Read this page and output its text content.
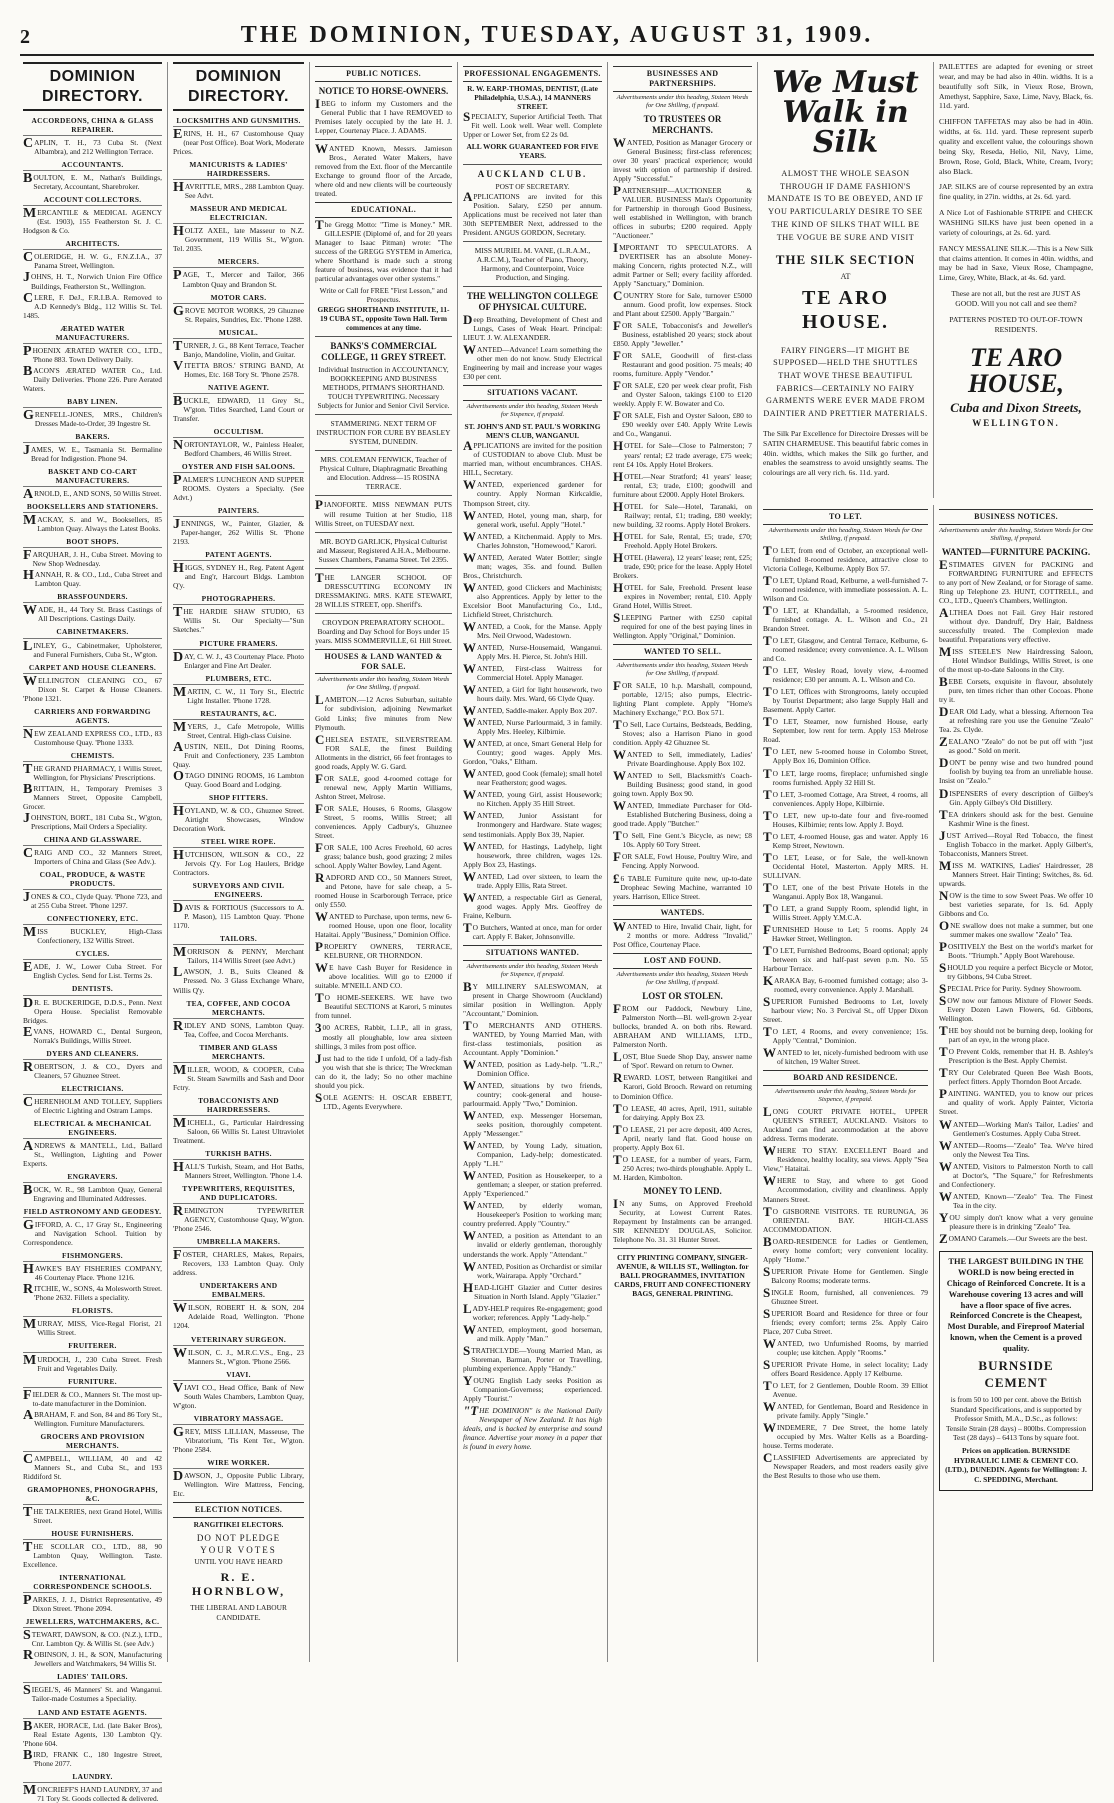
2	THE DOMINION, TUESDAY, AUGUST 31, 1909.
DOMINION DIRECTORY.
ACCORDEONS, CHINA & GLASS REPAIRER.
CAPLIN, T. H., 73 Cuba St. (Next Albambra), and 212 Wellington Terrace.
ACCOUNTANTS.
BOULTON, E. M., Nathan's Buildings, Secretary, Accountant, Sharebroker.
ACCOUNT COLLECTORS.
MERCANTILE & MEDICAL AGENCY (Est. 1903), 155 Featherston St. J. C. Hodgson & Co.
ARCHITECTS.
COLERIDGE, H. W. G., F.N.Z.I.A., 37 Panama Street, Wellington.
JOHNS, H. T., Norwich Union Fire Office Buildings, Featherston St., Wellington.
CLERE, F. DeJ., F.R.I.B.A. Removed to A.D Kennedy's Bldg., 112 Willis St. Tel. 1485.
ÆRATED WATER MANUFACTURERS.
PHOENIX ÆRATED WATER CO., LTD., 'Phone 883. Town Delivery Daily.
BACON'S ÆRATED WATER Co., Ltd. Daily Deliveries. 'Phone 226. Pure Aerated Waters.
BABY LINEN.
GRENFELL-JONES, MRS., Children's Dresses Made-to-Order, 39 Ingestre St.
BAKERS.
JAMES, W. E., Tasmania St. Bermaline Bread for Indigestion. Phone 94.
BASKET AND CO-CART MANUFACTURERS.
ARNOLD, E., AND SONS, 50 Willis Street.
BOOKSELLERS AND STATIONERS.
MACKAY, S. and W., Booksellers, 85 Lambton Quay. Always the Latest Books.
BOOT SHOPS.
FARQUHAR, J. H., Cuba Street. Moving to New Shop Wednesday.
HANNAH, R. & CO., Ltd., Cuba Street and Lambton Quay.
BRASSFOUNDERS.
WADE, H., 44 Tory St. Brass Castings of All Descriptions. Castings Daily.
CABINETMAKERS.
LINLEY, G., Cabinetmaker, Upholsterer, and Funeral Furnishers, Cuba St., W'gton.
CARPET AND HOUSE CLEANERS.
WELLINGTON CLEANING CO., 67 Dixon St. Carpet & House Cleaners. 'Phone 1321.
CARRIERS AND FORWARDING AGENTS.
NEW ZEALAND EXPRESS CO., LTD., 83 Customhouse Quay. 'Phone 1333.
CHEMISTS.
THE GRAND PHARMACY, 1 Willis Street, Wellington, for Physicians' Prescriptions.
BRITTAIN, H., Temporary Premises 3 Manners Street, Opposite Campbell, Grocer.
JOHNSTON, BORT., 181 Cuba St., W'gton, Prescriptions, Mail Orders a Speciality.
CHINA AND GLASSWARE.
CRAIG AND CO., 32 Manners Street, Importers of China and Glass (See Adv.).
COAL, PRODUCE, & WASTE PRODUCTS.
JONES & CO., Clyde Quay. 'Phone 723, and at 255 Cuba Street. 'Phone 1297.
CONFECTIONERY, ETC.
MISS BUCKLEY, High-Class Confectionery, 132 Willis Street.
CYCLES.
EADE, J. W., Lower Cuba Street. For English Cycles. Send for List. Terms 2s.
DENTISTS.
DR. E. BUCKERIDGE, D.D.S., Penn. Next Opera House. Specialist Removable Bridges.
EVANS, HOWARD C., Dental Surgeon, Norrak's Buildings, Willis Street.
DYERS AND CLEANERS.
ROBERTSON, J. & CO., Dyers and Cleaners, 57 Ghuznee Street.
ELECTRICIANS.
CHERENHOLM AND TOLLEY, Suppliers of Electric Lighting and Ostram Lamps.
ELECTRICAL & MECHANICAL ENGINEERS.
ANDREWS & MANTELL, Ltd., Ballard St., Wellington, Lighting and Power Experts.
ENGRAVERS.
BOCK, W. R., 98 Lambton Quay, General Engraving and Illuminated Addresses.
FIELD ASTRONOMY AND GEODESY.
GIFFORD, A. C., 17 Gray St., Engineering and Navigation School. Tuition by Correspondence.
FISHMONGERS.
HAWKE'S BAY FISHERIES COMPANY, 46 Courtenay Place. 'Phone 1216.
RITCHIE, W., SONS, 4a Molesworth Street. 'Phone 2632. Fillets a speciality.
FLORISTS.
MURRAY, MISS, Vice-Regal Florist, 21 Willis Street.
FRUITERER.
MURDOCH, J., 230 Cuba Street. Fresh Fruit and Vegetables Daily.
FURNITURE.
FIELDER & CO., Manners St. The most up-to-date manufacturer in the Dominion.
ABRAHAM, F. and Son, 84 and 86 Tory St., Wellington. Furniture Manufacturers.
GROCERS AND PROVISION MERCHANTS.
CAMPBELL, WILLIAM, 40 and 42 Manners St., and Cuba St., and 193 Riddiford St.
GRAMOPHONES, PHONOGRAPHS, &C.
THE TALKERIES, next Grand Hotel, Willis Street.
HOUSE FURNISHERS.
THE SCOLLAR CO., LTD., 88, 90 Lambton Quay, Wellington. Taste. Excellence.
INTERNATIONAL CORRESPONDENCE SCHOOLS.
PARKES, J. J., District Representative, 49 Dixon Street. 'Phone 2094.
JEWELLERS, WATCHMAKERS, &C.
STEWART, DAWSON, & CO. (N.Z.), LTD., Cnr. Lambton Qy. & Willis St. (see Adv.)
ROBINSON, J. H., & SON, Manufacturing Jewellers and Watchmakers, 94 Willis St.
LADIES' TAILORS.
SIEGEL'S, 46 Manners' St. and Wanganui. Tailor-made Costumes a Speciality.
LAND AND ESTATE AGENTS.
BAKER, HORACE, Ltd. (late Baker Bros), Real Estate Agents, 130 Lambton Q'y. 'Phone 604.
BIRD, FRANK C., 180 Ingestre Street, 'Phone 2077.
LAUNDRY.
MONCRIEFF'S HAND LAUNDRY, 37 and 71 Tory St. Goods collected & delivered.
DOMINION DIRECTORY.
LOCKSMITHS AND GUNSMITHS.
ERINS, H. H., 67 Customhouse Quay (near Post Office). Boat Work, Moderate Prices.
MANICURISTS & LADIES' HAIRDRESSERS.
HAVRITTLE, MRS., 288 Lambton Quay. See Advt.
MASSEUR AND MEDICAL ELECTRICIAN.
HOLTZ AXEL, late Masseur to N.Z. Government, 119 Willis St., W'gton. Tel. 2035.
MERCERS.
PAGE, T., Mercer and Tailor, 366 Lambton Quay and Brandon St.
MOTOR CARS.
GROVE MOTOR WORKS, 29 Ghuznee St. Repairs, Sundries, Etc. 'Phone 1288.
MUSICAL.
TURNER, J. G., 88 Kent Terrace, Teacher Banjo, Mandoline, Violin, and Guitar.
VITETTA BROS.' STRING BAND, At Homes, Etc. 168 Tory St. 'Phone 2578.
NATIVE AGENT.
BUCKLE, EDWARD, 11 Grey St., W'gton. Titles Searched, Land Court or Transfer.
OCCULTISM.
NORTONTAYLOR, W., Painless Healer, Bedford Chambers, 46 Willis Street.
OYSTER AND FISH SALOONS.
PALMER'S LUNCHEON AND SUPPER ROOMS. Oysters a Specialty. (See Advt.)
PAINTERS.
JENNINGS, W., Painter, Glazier, & Paper-hanger, 262 Willis St. 'Phone 2193.
PATENT AGENTS.
HIGGS, SYDNEY H., Reg. Patent Agent and Eng'r, Harcourt Bldgs. Lambton Q'y.
PHOTOGRAPHERS.
THE HARDIE SHAW STUDIO, 63 Willis St. Our Specialty—"Sun Sketches."
PICTURE FRAMERS.
DAY, C. W. J., 43 Courtenay Place. Photo Enlarger and Fine Art Dealer.
PLUMBERS, ETC.
MARTIN, C. W., 11 Tory St., Electric Light Installer. 'Phone 1728.
RESTAURANTS, &C.
MYERS, J., Cafe Metropole, Willis Street, Central. High-class Cuisine.
AUSTIN, NEIL, Dot Dining Rooms, Fruit and Confectionery, 235 Lambton Quay.
OTAGO DINING ROOMS, 16 Lambton Quay. Good Board and Lodging.
SHOP FITTERS.
HOYLAND, W. & CO., Ghuznee Street. Airtight Showcases, Window Decoration Work.
STEEL WIRE ROPE.
HUTCHISON, WILSON & CO., 22 Jervois Q'y. For Log Haulers, Bridge Contractors.
SURVEYORS AND CIVIL ENGINEERS.
DAVIS & FORTIOUS (Successors to A. P. Mason), 115 Lambton Quay. 'Phone 1170.
TAILORS.
MORRISON & PENNY, Merchant Tailors, 114 Willis Street (see Advt.)
LAWSON, J. B., Suits Cleaned & Pressed. No. 3 Glass Exchange Whare, Willis Q'y.
TEA, COFFEE, AND COCOA MERCHANTS.
RIDLEY AND SONS, Lambton Quay. Tea, Coffee, and Cocoa Merchants.
TIMBER AND GLASS MERCHANTS.
MILLER, WOOD, & COOPER, Cuba St. Steam Sawmills and Sash and Door Fctry.
TOBACCONISTS AND HAIRDRESSERS.
MICHELL, G., Particular Hairdressing Saloon, 66 Willis St. Latest Ultraviolet Treatment.
TURKISH BATHS.
HALL'S Turkish, Steam, and Hot Baths, Manners Street, Wellington. 'Phone 1.4.
TYPEWRITERS, REQUISITES, AND DUPLICATORS.
REMINGTON TYPEWRITER AGENCY, Customhouse Quay, W'gton. 'Phone 2546.
UMBRELLA MAKERS.
FOSTER, CHARLES, Makes, Repairs, Recovers, 133 Lambton Quay. Only address.
UNDERTAKERS AND EMBALMERS.
WILSON, ROBERT H. & SON, 204 Adelaide Road, Wellington. 'Phone 1204.
VETERINARY SURGEON.
WILSON, C. J., M.R.C.V.S., Eng., 23 Manners St., W'gton. 'Phone 2566.
VIAVI.
VIAVI CO., Head Office, Bank of New South Wales Chambers, Lambton Quay, W'gton.
VIBRATORY MASSAGE.
GREY, MISS LILLIAN, Masseuse, The Vibratorium, 'Tis Kent Ter., W'gton. 'Phone 2584.
WIRE WORKER.
DAWSON, J., Opposite Public Library, Wellington. Wire Mattress, Fencing, Etc.
ELECTION NOTICES.
RANGITIKEI ELECTORS.
DO NOT PLEDGE
YOUR VOTES
UNTIL YOU HAVE HEARD
R. E. HORNBLOW,
THE LIBERAL AND LABOUR
CANDIDATE.
PUBLIC NOTICES.
NOTICE TO HORSE-OWNERS.
IBEG to inform my Customers and the General Public that I have REMOVED to Premises lately occupied by the late H. J. Lepper, Courtenay Place. J. ADAMS.
WANTED Known, Messrs. Jamieson Bros., Aerated Water Makers, have removed from the Ext. floor of the Mercantile Exchange to ground floor of the Arcade, where old and new clients will be courteously treated.
EDUCATIONAL.
The Gregg Motto: "Time is Money." MR. GILLESPIE (Diplomé of, and for 20 years Manager to Isaac Pitman) wrote: "The success of the GREGG SYSTEM in America, where Shorthand is made such a strong feature of business, was evidence that it had particular advantages over other systems."
Write or Call for FREE "First Lesson," and Prospectus.
GREGG SHORTHAND INSTITUTE, 11-19 CUBA ST., opposite Town Hall. Term commences at any time.
BANKS'S COMMERCIAL COLLEGE, 11 GREY STREET.
Individual Instruction in ACCOUNTANCY, BOOKKEEPING AND BUSINESS METHODS, PITMAN'S SHORTHAND. TOUCH TYPEWRITING. Necessary Subjects for Junior and Senior Civil Service.
STAMMERING. NEXT TERM OF INSTRUCTION FOR CURE BY BEASLEY SYSTEM, DUNEDIN.
MRS. COLEMAN FENWICK, Teacher of Physical Culture, Diaphragmatic Breathing and Elocution. Address—15 ROSINA TERRACE.
PIANOFORTE. MISS NEWMAN PUTS will resume Tuition at her Studio, 118 Willis Street, on TUESDAY next.
MR. BOYD GARLICK, Physical Culturist and Masseur, Registered A.H.A., Melbourne. Sussex Chambers, Panama Street. Tel 2395.
THE LANGER SCHOOL OF DRESSCUTTING ECONOMY IN DRESSMAKING. MRS. KATE STEWART, 28 WILLIS STREET, opp. Sheriff's.
CROYDON PREPARATORY SCHOOL. Boarding and Day School for Boys under 15 years. MISS SOMMERVILLE, 61 Hill Street.
HOUSES & LAND WANTED & FOR SALE.
Advertisements under this heading, Sixteen Words for One Shilling, if prepaid.
LAMBTON.—12 Acres Suburban, suitable for subdivision, adjoining Newmarket Gold Links; five minutes from New Plymouth.
CHELSEA ESTATE, SILVERSTREAM. FOR SALE, the finest Building Allotments in the district, 66 feet frontages to good roads, Apply W. G. Gard.
FOR SALE, good 4-roomed cottage for renewal new, Apply Martin Williams, Ashton Street, Melrose.
FOR SALE, Houses, 6 Rooms, Glasgow Street, 5 rooms, Willis Street; all conveniences. Apply Cadbury's, Ghuznee Street.
FOR SALE, 100 Acres Freehold, 60 acres grass; balance bush, good grazing; 2 miles school. Apply Walter Bowley, Land Agent.
RADFORD AND CO., 50 Manners Street, and Petone, have for sale cheap, a 5-roomed House in Scarborough Terrace, price only £550.
WANTED to Purchase, upon terms, new 6-roomed House, upon one floor, locality Hataitai. Apply "Business," Dominion Office.
PROPERTY OWNERS, TERRACE, KELBURNE, OR THORNDON.
WE have Cash Buyer for Residence in above localities. Will go to £2000 if suitable. M'NEILL AND CO.
TO HOME-SEEKERS. WE have two Beautiful SECTIONS at Karori, 5 minutes from tunnel.
300 ACRES, Rabbit, L.I.P., all in grass, mostly all ploughable, low area sixteen shillings, 3 miles from post office.
Just had to the tide I unfold, Of a lady-fish you wish that she is thrice; The Wreckman can do it, the lady; So no other machine should you pick.
SOLE AGENTS: H. OSCAR EBBETT, LTD., Agents Everywhere.
PROFESSIONAL ENGAGEMENTS.
R. W. EARP-THOMAS, DENTIST, (Late Philadelphia, U.S.A.), 14 MANNERS STREET.
SPECIALTY, Superior Artificial Teeth. That Fit well. Look well. Wear well. Complete Upper or Lower Set, from £2 2s 0d.
ALL WORK GUARANTEED FOR FIVE YEARS.
AUCKLAND CLUB.
POST OF SECRETARY.
APPLICATIONS are invited for this Position. Salary, £250 per annum. Applications must be received not later than 30th SEPTEMBER Next, addressed to the President. ANGUS GORDON, Secretary.
MISS MURIEL M. VANE, (L.R.A.M., A.R.C.M.), Teacher of Piano, Theory, Harmony, and Counterpoint, Voice Production, and Singing.
THE WELLINGTON COLLEGE OF PHYSICAL CULTURE.
Deep Breathing, Development of Chest and Lungs, Cases of Weak Heart. Principal: LIEUT. J. W. ALEXANDER.
WANTED—Advance! Learn something the other men do not know. Study Electrical Engineering by mail and increase your wages £30 per cent.
SITUATIONS VACANT.
Advertisements under this heading, Sixteen Words for Sixpence, if prepaid.
ST. JOHN'S AND ST. PAUL'S WORKING MEN'S CLUB, WANGANUI.
APPLICATIONS are invited for the position of CUSTODIAN to above Club. Must be married man, without encumbrances. CHAS. HILL, Secretary.
WANTED, experienced gardener for country. Apply Norman Kirkcaldie, Thompson Street, city.
WANTED, Hotel, young man, sharp, for general work, useful. Apply "Hotel."
WANTED, a Kitchenmaid. Apply to Mrs. Charles Johnston, "Homewood," Karori.
WANTED, Aerated Water Bottler; single man; wages, 35s. and found. Bullen Bros., Christchurch.
WANTED, good Clickers and Machinists; also Apprentices. Apply by letter to the Excelsior Boot Manufacturing Co., Ltd., Lichfield Street, Christchurch.
WANTED, a Cook, for the Manse. Apply Mrs. Neil Orwood, Wadestown.
WANTED, Nurse-Housemaid, Wanganui. Apply Mrs. H. Pierce, St. John's Hill.
WANTED, First-class Waitress for Commercial Hotel. Apply Manager.
WANTED, a Girl for light housework, two hours daily. Mrs. Ward, 66 Clyde Quay.
WANTED, Saddle-maker. Apply Box 207.
WANTED, Nurse Parlourmaid, 3 in family. Apply Mrs. Heeley, Kilbirnie.
WANTED, at once, Smart General Help for Country; good wages. Apply Mrs. Gordon, "Oaks," Eltham.
WANTED, good Cook (female); small hotel near Featherston; good wages.
WANTED, young Girl, assist Housework; no Kitchen. Apply 35 Hill Street.
WANTED, Junior Assistant for Ironmongery and Hardware. State wages; send testimonials. Apply Box 39, Napier.
WANTED, for Hastings, Ladyhelp, light housework, three children, wages 12s. Apply Box 23, Hastings.
WANTED, Lad over sixteen, to learn the trade. Apply Ellis, Rata Street.
WANTED, a respectable Girl as General, good wages. Apply Mrs. Geoffrey de Fraine, Kelburn.
TO Butchers, Wanted at once, man for order cart. Apply F. Baker, Johnsonville.
SITUATIONS WANTED.
Advertisements under this heading, Sixteen Words for Sixpence, if prepaid.
BY MILLINERY SALESWOMAN, at present in Charge Showroom (Auckland) similar position in Wellington. Apply "Accountant," Dominion.
TO MERCHANTS AND OTHERS. WANTED, by Young Married Man, with first-class testimonials, position as Accountant. Apply "Dominion."
WANTED, position as Lady-help. "L.R.," Dominion Office.
WANTED, situations by two friends, country; cook-general and house-parlourmaid. Apply "Two," Dominion.
WANTED, exp. Messenger Horseman, seeks position, thoroughly competent. Apply "Messenger."
WANTED, by Young Lady, situation, Companion, Lady-help; domesticated. Apply "L.H."
WANTED, Position as Housekeeper, to a gentleman; a sleeper, or station preferred. Apply "Experienced."
WANTED, by elderly woman, Housekeeper's Position to working man; country preferred. Apply "Country."
WANTED, a position as Attendant to an invalid or elderly gentleman, thoroughly understands the work. Apply "Attendant."
WANTED, Position as Orchardist or similar work, Wairarapa. Apply "Orchard."
HEAD-LIGHT Glazier and Cutter desires Situation in North Island. Apply "Glazier."
LADY-HELP requires Re-engagement; good worker; references. Apply "Lady-help."
WANTED, employment, good horseman, and milk. Apply "Man."
STRATHCLYDE—Young Married Man, as Storeman, Barman, Porter or Travelling, plumbing experience. Apply "Handy."
YOUNG English Lady seeks Position as Companion-Governess; experienced. Apply "Tourist."
"THE DOMINION" is the National Daily Newspaper of New Zealand. It has high ideals, and is backed by enterprise and sound finance. Advertise your money in a paper that is found in every home.
BUSINESSES AND PARTNERSHIPS.
Advertisements under this heading, Sixteen Words for One Shilling, if prepaid.
TO TRUSTEES OR MERCHANTS.
WANTED, Position as Manager Grocery or General Business; first-class references; over 30 years' practical experience; would invest with option of partnership if desired. Apply "Successful."
PARTNERSHIP—AUCTIONEER & VALUER. BUSINESS Man's Opportunity for Partnership in thorough Good Business, well established in Wellington, with branch offices in suburbs; £200 required. Apply "Auctioneer."
IMPORTANT TO SPECULATORS. A DVERTISER has an absolute Money-making Concern, rights protected N.Z., will admit Partner or Sell; every facility afforded. Apply "Sanctuary," Dominion.
COUNTRY Store for Sale, turnover £5000 annum. Good profit, low expenses. Stock and Plant about £2500. Apply "Bargain."
FOR SALE, Tobacconist's and Jeweller's Business, established 20 years; stock about £850. Apply "Jeweller."
FOR SALE, Goodwill of first-class Restaurant and good position. 75 meals; 40 rooms, furniture. Apply "Vendor."
FOR SALE, £20 per week clear profit, Fish and Oyster Saloon, takings £100 to £120 weekly. Apply F. W. Bowater and Co.
FOR SALE, Fish and Oyster Saloon, £80 to £90 weekly over £40. Apply Write Lewis and Co., Wanganui.
HOTEL for Sale—Close to Palmerston; 7 years' rental; £2 trade average, £75 week; rent £4 10s. Apply Hotel Brokers.
HOTEL—Near Stratford; 41 years' lease; rental, £3; trade, £100; goodwill and furniture about £2000. Apply Hotel Brokers.
HOTEL for Sale—Hotel, Taranaki, on Railway; rental, £1; trading, £80 weekly; new building, 32 rooms. Apply Hotel Brokers.
HOTEL for Sale, Rental, £5; trade, £70; Freehold. Apply Hotel Brokers.
HOTEL (Hawera), 12 years' lease; rent, £25; trade, £90; price for the lease. Apply Hotel Brokers.
HOTEL for Sale, Freehold. Present lease expires in November; rental, £10. Apply Grand Hotel, Willis Street.
SLEEPING Partner with £250 capital required for one of the best paying lines in Wellington. Apply "Original," Dominion.
WANTED TO SELL.
Advertisements under this heading, Sixteen Words for One Shilling, if prepaid.
FOR SALE, 10 h.p. Marshall, compound, portable, 12/15; also pumps, Electric-lighting Plant complete. Apply "Home's Machinery Exchange," P.O. Box 571.
TO Sell, Lace Curtains, Bedsteads, Bedding, Stoves; also a Harrison Piano in good condition. Apply 42 Ghuznee St.
WANTED to Sell, immediately, Ladies' Private Boardinghouse. Apply Box 102.
WANTED to Sell, Blacksmith's Coach-Building Business; good stand, in good going town. Apply Box 90.
WANTED, Immediate Purchaser for Old-Established Butchering Business, doing a good trade. Apply "Butcher."
TO Sell, Fine Gent.'s Bicycle, as new; £8 10s. Apply 60 Tory Street.
FOR SALE, Fowl House, Poultry Wire, and Fencing. Apply Norwood.
£6 TABLE Furniture quite new, up-to-date Dropheac Sewing Machine, warranted 10 years. Harrison, Ellice Street.
WANTEDS.
WANTED to Hire, Invalid Chair, light, for 2 months or more. Address "Invalid," Post Office, Courtenay Place.
LOST AND FOUND.
Advertisements under this heading, Sixteen Words for One Shilling, if prepaid.
LOST OR STOLEN.
FROM our Paddock, Newbury Line, Palmerston North—Bl. well-grown 2-year bullocks, branded A. on both ribs. Reward. ABRAHAM AND WILLIAMS, LTD., Palmerston North.
LOST, Blue Suede Shop Day, answer name of 'Spot'. Reward on return to Owner.
REWARD. LOST, between Rangitikei and Karori, Gold Brooch. Reward on returning to Dominion Office.
TO LEASE, 40 acres, April, 1911, suitable for dairying. Apply Box 23.
TO LEASE, 21 per acre deposit, 400 Acres, April, nearly land flat. Good house on property. Apply Box 61.
TO LEASE, for a number of years, Farm, 250 Acres; two-thirds ploughable. Apply L. M. Harden, Kimbolton.
MONEY TO LEND.
IN any Sums, on Approved Freehold Security, at Lowest Current Rates. Repayment by Instalments can be arranged. SIR KENNEDY DOUGLAS, Solicitor. Telephone No. 31. 31 Hunter Street.
CITY PRINTING COMPANY, SINGER-AVENUE, & WILLIS ST., Wellington. for BALL PROGRAMMES, INVITATION CARDS, FRUIT AND CONFECTIONERY BAGS, GENERAL PRINTING.
We Must Walk in Silk
ALMOST THE WHOLE SEASON THROUGH IF DAME FASHION'S MANDATE IS TO BE OBEYED, AND IF YOU PARTICULARLY DESIRE TO SEE THE KIND OF SILKS THAT WILL BE THE VOGUE BE SURE AND VISIT
THE SILK SECTION
AT
TE ARO HOUSE.
FAIRY FINGERS—IT MIGHT BE SUPPOSED—HELD THE SHUTTLES THAT WOVE THESE BEAUTIFUL FABRICS—CERTAINLY NO FAIRY GARMENTS WERE EVER MADE FROM DAINTIER AND PRETTIER MATERIALS.
The Silk Par Excellence for Directoire Dresses will be SATIN CHARMEUSE. This beautiful fabric comes in 40in. widths, which makes the Silk go further, and enables the seamstress to avoid unsightly seams. The colourings are all very rich. 6s. 11d. yard.
PAILETTES are adapted for evening or street wear, and may be had also in 40in. widths. It is a beautifully soft Silk, in Vieux Rose, Brown, Amethyst, Sapphire, Saxe, Lime, Navy, Black, 6s. 11d. yard.
CHIFFON TAFFETAS may also be had in 40in. widths, at 6s. 11d. yard. These represent superb quality and excellent value, the colourings shown being Sky, Reseda, Helio, Nil, Navy, Lime, Brown, Rose, Gold, Black, White, Cream, Ivory; also Black.
JAP. SILKS are of course represented by an extra fine quality, in 27in. widths, at 2s. 6d. yard.
A Nice Lot of Fashionable STRIPE and CHECK WASHING SILKS have just been opened in a variety of colourings, at 2s. 6d. yard.
FANCY MESSALINE SILK.—This is a New Silk that claims attention. It comes in 40in. widths, and may be had in Saxe, Vieux Rose, Champagne, Lime, Grey, White, Black, at 4s. 6d. yard.
These are not all, but the rest are JUST AS GOOD. Will you not call and see them?
PATTERNS POSTED TO OUT-OF-TOWN RESIDENTS.
TE ARO HOUSE,
Cuba and Dixon Streets,
WELLINGTON.
TO LET.
Advertisements under this heading, Sixteen Words for One Shilling, if prepaid.
TO LET, from end of October, an exceptional well-furnished 8-roomed residence, attractive close to Victoria College, Kelburne. Apply Box 57.
TO LET, Upland Road, Kelburne, a well-furnished 7-roomed residence, with immediate possession. A. L. Wilson and Co.
TO LET, at Khandallah, a 5-roomed residence, furnished cottage. A. L. Wilson and Co., 21 Brandon Street.
TO LET, Glasgow, and Central Terrace, Kelburne, 6-roomed residence; every convenience. A. L. Wilson and Co.
TO LET, Wesley Road, lovely view, 4-roomed residence; £30 per annum. A. L. Wilson and Co.
TO LET, Offices with Strongrooms, lately occupied by Tourist Department; also large Supply Hall and Basement. Apply Carter.
TO LET, Steamer, now furnished House, early September, low rent for term. Apply 153 Melrose Road.
TO LET, new 5-roomed house in Colombo Street, Apply Box 16, Dominion Office.
TO LET, large rooms, fireplace; unfurnished single rooms furnished. Apply 32 Hill St.
TO LET, 3-roomed Cottage, Ara Street, 4 rooms, all conveniences. Apply Hope, Kilbirnie.
TO LET, new up-to-date four and five-roomed Houses, Kilbirnie; rents low. Apply J. Boyd.
TO LET, 4-roomed House, gas and water. Apply 16 Kemp Street, Newtown.
TO LET, Lease, or for Sale, the well-known Occidental Hotel, Masterton. Apply MRS. H. SULLIVAN.
TO LET, one of the best Private Hotels in the Wanganui. Apply Box 18, Wanganui.
TO LET, a grand Supply Room, splendid light, in Willis Street. Apply Y.M.C.A.
FURNISHED House to Let; 5 rooms. Apply 24 Hawker Street, Wellington.
TO LET, Furnished Bedrooms, Board optional; apply between six and half-past seven p.m. No. 55 Harbour Terrace.
KARAKA Bay, 6-roomed furnished cottage; also 3-roomed, every convenience. Apply J. Marshall.
SUPERIOR Furnished Bedrooms to Let, lovely harbour view; No. 3 Percival St., off Upper Dixon Street.
TO LET, 4 Rooms, and every convenience; 15s. Apply "Central," Dominion.
WANTED to let, nicely-furnished bedroom with use of kitchen, 19 Walter Street.
BOARD AND RESIDENCE.
Advertisements under this heading, Sixteen Words for Sixpence, if prepaid.
LONG COURT PRIVATE HOTEL, UPPER QUEEN'S STREET, AUCKLAND. Visitors to Auckland can find accommodation at the above address. Terms moderate.
WHERE TO STAY. EXCELLENT Board and Residence, healthy locality, sea views. Apply "Sea View," Hataitai.
WHERE to Stay, and where to get Good Accommodation, civility and cleanliness. Apply Manners Street.
TO GISBORNE VISITORS. TE RURUNGA, 36 ORIENTAL BAY. HIGH-CLASS ACCOMMODATION.
BOARD-RESIDENCE for Ladies or Gentlemen, every home comfort; very convenient locality. Apply "Home."
SUPERIOR Private Home for Gentlemen. Single Balcony Rooms; moderate terms.
SINGLE Room, furnished, all conveniences. 79 Ghuznee Street.
SUPERIOR Board and Residence for three or four friends; every comfort; terms 25s. Apply Cairo Place, 207 Cuba Street.
WANTED, two Unfurnished Rooms, by married couple; use kitchen. Apply "Rooms."
SUPERIOR Private Home, in select locality; Lady offers Board Residence. Apply 17 Kelburne.
TO LET, for 2 Gentlemen, Double Room. 39 Elliot Avenue.
WANTED, for Gentleman, Board and Residence in private family. Apply "Single."
WINDEMERE, 7 Dee Street, the home lately occupied by Mrs. Walter Kells as a Boarding-house. Terms moderate.
CLASSIFIED Advertisements are appreciated by Newspaper Readers, and most readers easily give the Best Results to those who use them.
BUSINESS NOTICES.
Advertisements under this heading, Sixteen Words for One Shilling, if prepaid.
WANTED—FURNITURE PACKING.
ESTIMATES GIVEN for PACKING and FORWARDING FURNITURE and EFFECTS to any port of New Zealand, or for Storage of same. Ring up Telephone 23. HUNT, COTTRELL, and CO., LTD., Queen's Chambers, Wellington.
ALTHEA Does not Fail. Grey Hair restored without dye. Dandruff, Dry Hair, Baldness successfully treated. The Complexion made beautiful. Preparations very effective.
MISS STEELE'S New Hairdressing Saloon, Hotel Windsor Buildings, Willis Street, is one of the most up-to-date Saloons in the City.
BEBE Corsets, exquisite in flavour, absolutely pure, ten times richer than other Cocoas. Phone try it.
DEAR Old Lady, what a blessing. Afternoon Tea at refreshing rare you use the Genuine "Zealo" Tea. 2s. Clyde.
ZEALANO "Zealo" do not be put off with "just as good." Sold on merit.
DON'T be penny wise and two hundred pound foolish by buying tea from an unreliable house. Insist on "Zealo."
DISPENSERS of every description of Gilbey's Gin. Apply Gilbey's Old Distillery.
TEA drinkers should ask for the best. Genuine Kashmir Wine is the finest.
JUST Arrived—Royal Red Tobacco, the finest English Tobacco in the market. Apply Gilbert's, Tobacconists, Manners Street.
MISS M. WATKINS, Ladies' Hairdresser, 28 Manners Street. Hair Tinting; Switches, 8s. 6d. upwards.
NOW is the time to sow Sweet Peas. We offer 10 best varieties separate, for 1s. 6d. Apply Gibbons and Co.
ONE swallow does not make a summer, but one summer makes one swallow "Zealo" Tea.
POSITIVELY the Best on the world's market for Boots. "Triumph." Apply Boot Warehouse.
SHOULD you require a perfect Bicycle or Motor, try Gibbons, 94 Cuba Street.
SPECIAL Price for Purity. Sydney Showroom.
SOW now our famous Mixture of Flower Seeds. Every Dozen Lawn Flowers, 6d. Gibbons, Wellington.
THE boy should not be burning deep, looking for part of an eye, in the wrong place.
TO Prevent Colds, remember that H. B. Ashley's Prescription is the Best. Apply Chemist.
TRY Our Celebrated Queen Bee Wash Boots, perfect fitters. Apply Thorndon Boot Arcade.
PAINTING. WANTED, you to know our prices and quality of work. Apply Painter, Victoria Street.
WANTED—Working Man's Tailor, Ladies' and Gentlemen's Costumes. Apply Cuba Street.
WANTED—Rooms—"Zealo" Tea. We've hired only the Newest Tea Tins.
WANTED, Visitors to Palmerston North to call at Doctor's, "The Square," for Refreshments and Confectionery.
WANTED, Known—"Zealo" Tea. The Finest Tea in the city.
YOU simply don't know what a very genuine pleasure there is in drinking "Zealo" Tea.
ZOMANO Caramels.—Our Sweets are the best.
THE LARGEST BUILDING IN THE WORLD is now being erected in Chicago of Reinforced Concrete. It is a Warehouse covering 13 acres and will have a floor space of five acres. Reinforced Concrete is the Cheapest, Most Durable, and Fireproof Material known, when the Cement is a proved quality.
BURNSIDE CEMENT
is from 50 to 100 per cent. above the British Standard Specifications, and is supported by Professor Smith, M.A., D.Sc., as follows: Tensile Strain (28 days) – 800lbs. Compression Test (28 days) – 6413 Tons by square foot.
Prices on application. BURNSIDE HYDRAULIC LIME & CEMENT CO. (LTD.), DUNEDIN. Agents for Wellington: J. C. SPEDDING, Merchant.
